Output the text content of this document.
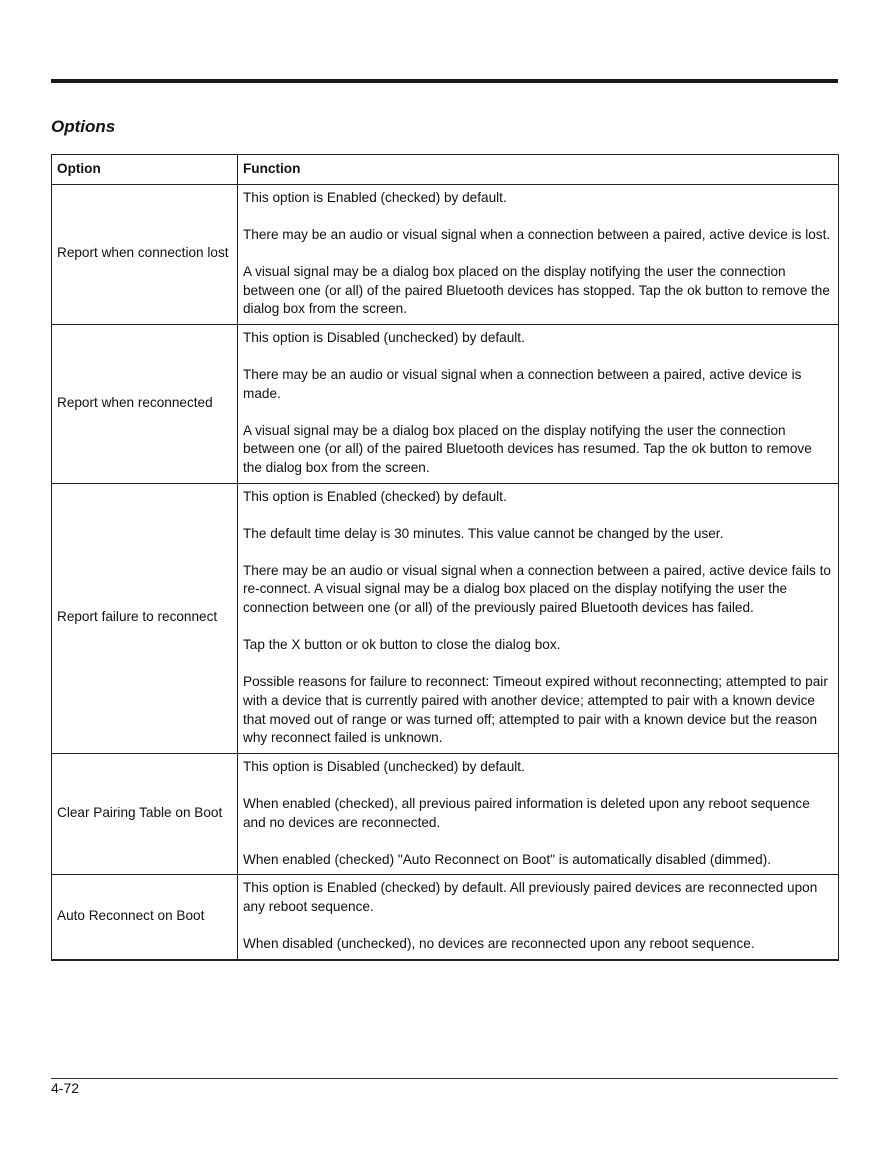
Options
Option	Function
Report when connection lost	This option is Enabled (checked) by default.

There may be an audio or visual signal when a connection between a paired, active device is lost.

A visual signal may be a dialog box placed on the display notifying the user the connection between one (or all) of the paired Bluetooth devices has stopped. Tap the ok button to remove the dialog box from the screen.

Report when reconnected	This option is Disabled (unchecked) by default.

There may be an audio or visual signal when a connection between a paired, active device is made.

A visual signal may be a dialog box placed on the display notifying the user the connection between one (or all) of the paired Bluetooth devices has resumed. Tap the ok button to remove the dialog box from the screen.

Report failure to reconnect	This option is Enabled (checked) by default.

The default time delay is 30 minutes. This value cannot be changed by the user.

There may be an audio or visual signal when a connection between a paired, active device fails to re-connect. A visual signal may be a dialog box placed on the display notifying the user the connection between one (or all) of the previously paired Bluetooth devices has failed.

Tap the X button or ok button to close the dialog box.

Possible reasons for failure to reconnect: Timeout expired without reconnecting; attempted to pair with a device that is currently paired with another device; attempted to pair with a known device that moved out of range or was turned off; attempted to pair with a known device but the reason why reconnect failed is unknown.

Clear Pairing Table on Boot	This option is Disabled (unchecked) by default.

When enabled (checked), all previous paired information is deleted upon any reboot sequence and no devices are reconnected.

When enabled (checked) "Auto Reconnect on Boot" is automatically disabled (dimmed).

Auto Reconnect on Boot	This option is Enabled (checked) by default. All previously paired devices are reconnected upon any reboot sequence.

When disabled (unchecked), no devices are reconnected upon any reboot sequence.

4-72
